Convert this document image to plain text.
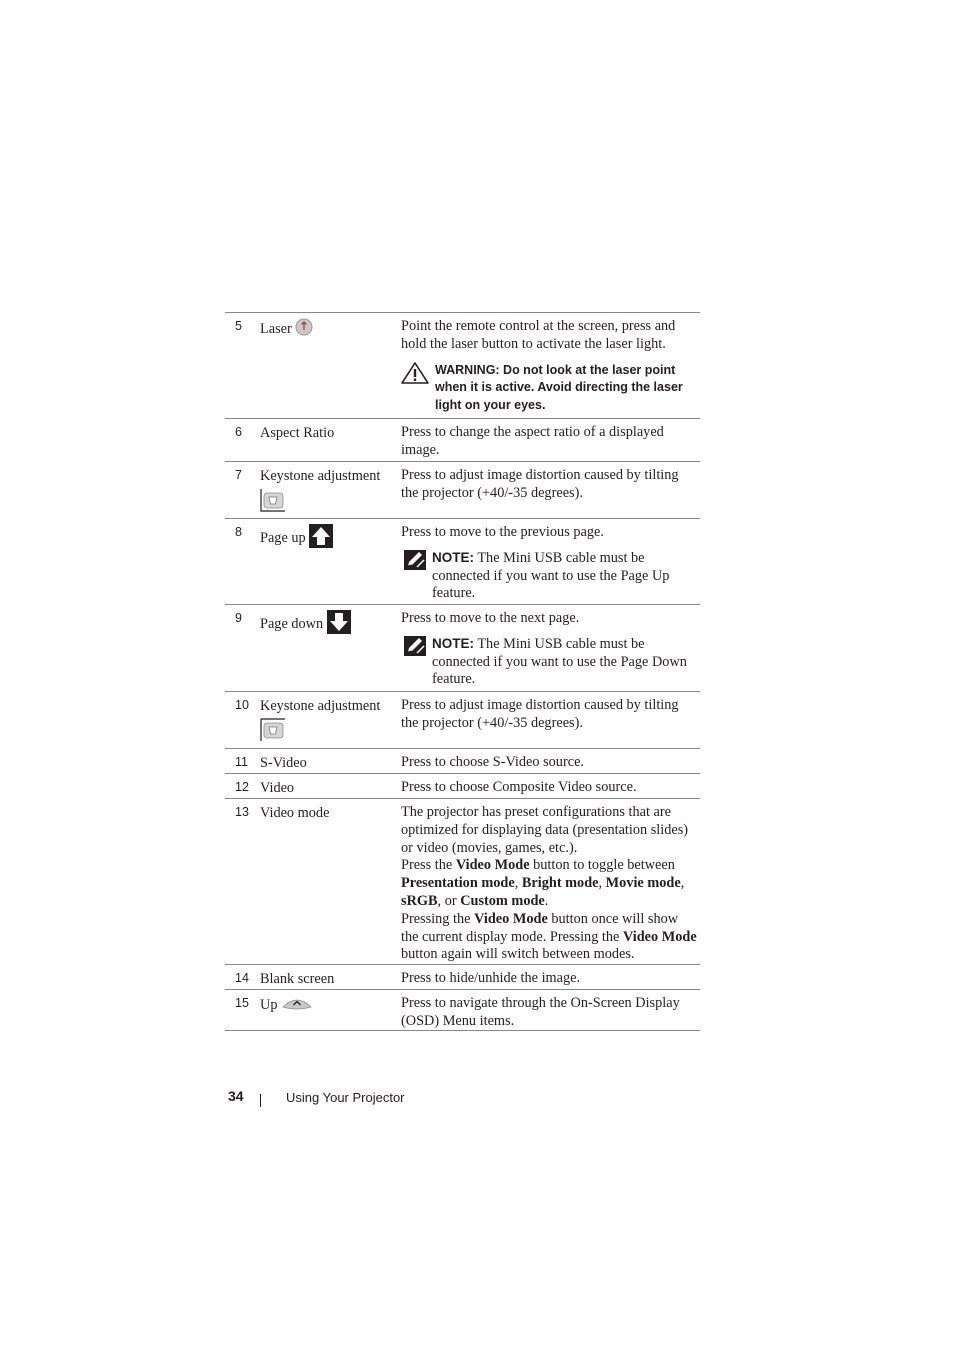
5 Laser	Point the remote control at the screen, press and hold the laser button to activate the laser light.
WARNING: Do not look at the laser point when it is active. Avoid directing the laser light on your eyes.
6 Aspect Ratio	Press to change the aspect ratio of a displayed image.
7 Keystone adjustment	Press to adjust image distortion caused by tilting the projector (+40/-35 degrees).
8 Page up	Press to move to the previous page.
NOTE: The Mini USB cable must be connected if you want to use the Page Up feature.
9 Page down	Press to move to the next page.
NOTE: The Mini USB cable must be connected if you want to use the Page Down feature.
10 Keystone adjustment	Press to adjust image distortion caused by tilting the projector (+40/-35 degrees).
11 S-Video	Press to choose S-Video source.
12 Video	Press to choose Composite Video source.
13 Video mode	The projector has preset configurations that are optimized for displaying data (presentation slides) or video (movies, games, etc.).
Press the Video Mode button to toggle between Presentation mode, Bright mode, Movie mode, sRGB, or Custom mode.
Pressing the Video Mode button once will show the current display mode. Pressing the Video Mode button again will switch between modes.
14 Blank screen	Press to hide/unhide the image.
15 Up	Press to navigate through the On-Screen Display (OSD) Menu items.
34	Using Your Projector
